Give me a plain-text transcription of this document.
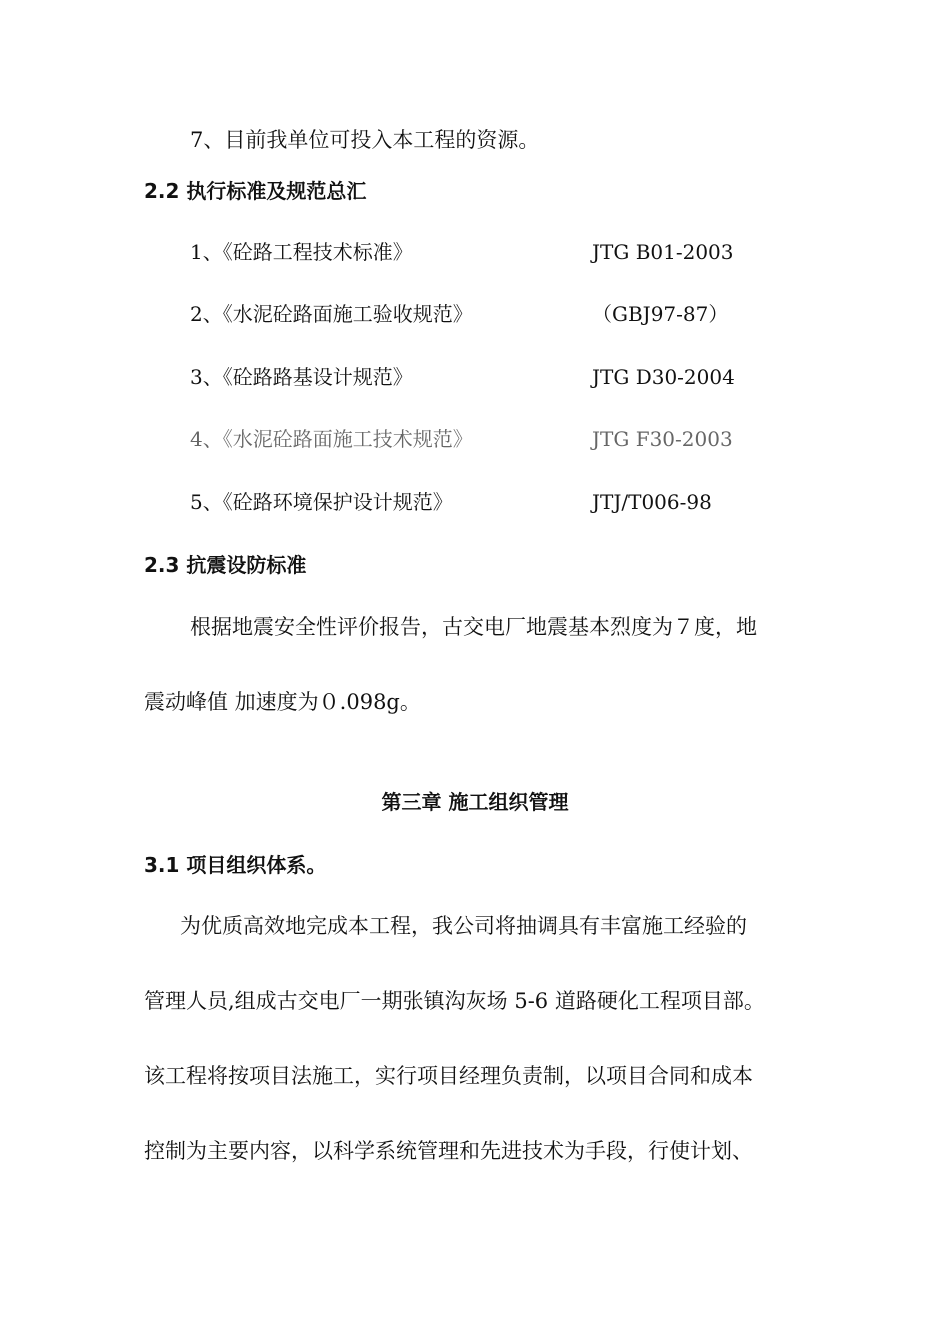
7、目前我单位可投入本工程的资源。
2.2 执行标准及规范总汇
1、《砼路工程技术标准》	JTG B01-2003
2、《水泥砼路面施工验收规范》	（GBJ97-87）
3、《砼路路基设计规范》	JTG D30-2004
4、《水泥砼路面施工技术规范》	JTG F30-2003
5、《砼路环境保护设计规范》	JTJ/T006-98
2.3 抗震设防标准
根据地震安全性评价报告，古交电厂地震基本烈度为７度，地
震动峰值 加速度为０.098g。
第三章 施工组织管理
3.1 项目组织体系。
为优质高效地完成本工程，我公司将抽调具有丰富施工经验的
管理人员,组成古交电厂一期张镇沟灰场 5-6 道路硬化工程项目部。
该工程将按项目法施工，实行项目经理负责制，以项目合同和成本
控制为主要内容，以科学系统管理和先进技术为手段，行使计划、
